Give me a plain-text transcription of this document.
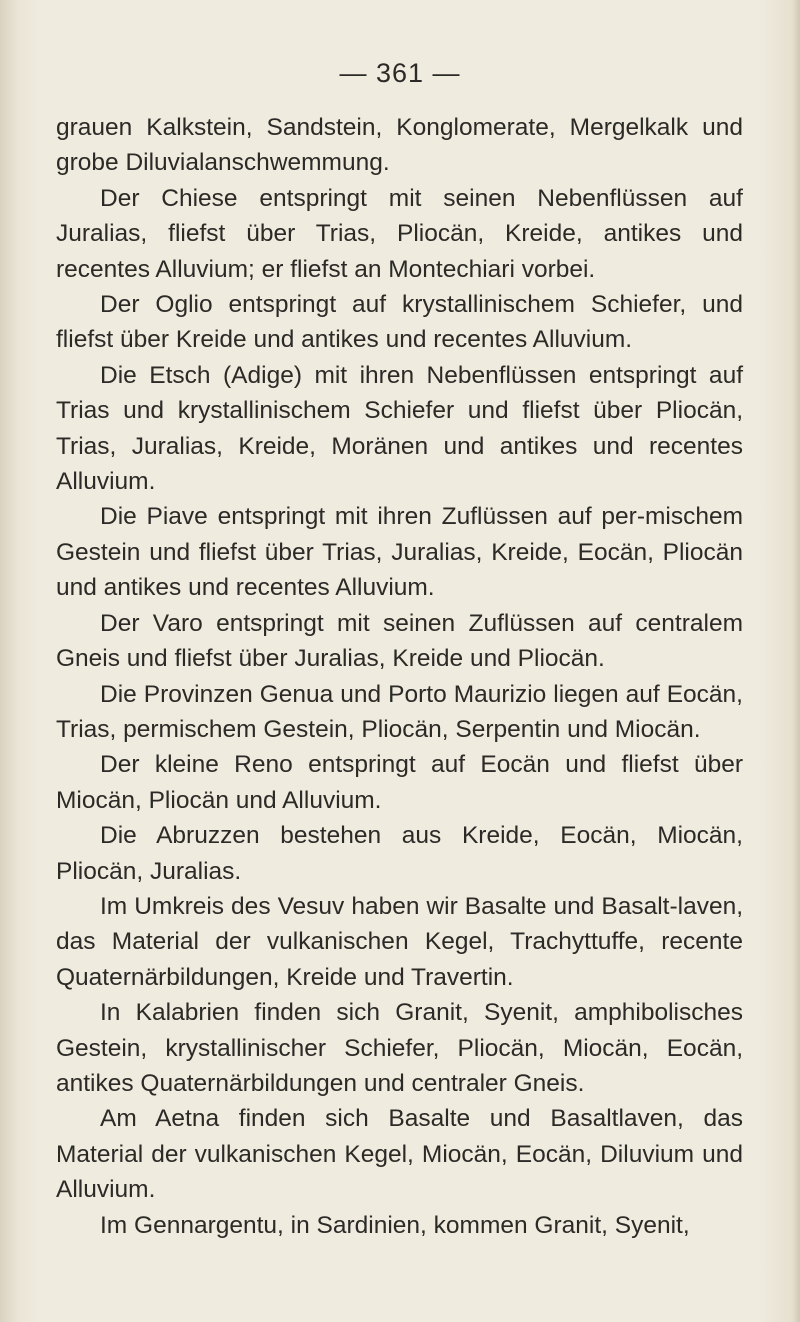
— 361 —

grauen Kalkstein, Sandstein, Konglomerate, Mergelkalk und grobe Diluvialanschwemmung.

Der Chiese entspringt mit seinen Nebenflüssen auf Juralias, fliefst über Trias, Pliocän, Kreide, antikes und recentes Alluvium; er fliefst an Montechiari vorbei.

Der Oglio entspringt auf krystallinischem Schiefer, und fliefst über Kreide und antikes und recentes Alluvium.

Die Etsch (Adige) mit ihren Nebenflüssen entspringt auf Trias und krystallinischem Schiefer und fliefst über Pliocän, Trias, Juralias, Kreide, Moränen und antikes und recentes Alluvium.

Die Piave entspringt mit ihren Zuflüssen auf per-mischem Gestein und fliefst über Trias, Juralias, Kreide, Eocän, Pliocän und antikes und recentes Alluvium.

Der Varo entspringt mit seinen Zuflüssen auf centralem Gneis und fliefst über Juralias, Kreide und Pliocän.

Die Provinzen Genua und Porto Maurizio liegen auf Eocän, Trias, permischem Gestein, Pliocän, Serpentin und Miocän.

Der kleine Reno entspringt auf Eocän und fliefst über Miocän, Pliocän und Alluvium.

Die Abruzzen bestehen aus Kreide, Eocän, Miocän, Pliocän, Juralias.

Im Umkreis des Vesuv haben wir Basalte und Basalt-laven, das Material der vulkanischen Kegel, Trachyttuffe, recente Quaternärbildungen, Kreide und Travertin.

In Kalabrien finden sich Granit, Syenit, amphibolisches Gestein, krystallinischer Schiefer, Pliocän, Miocän, Eocän, antikes Quaternärbildungen und centraler Gneis.

Am Aetna finden sich Basalte und Basaltlaven, das Material der vulkanischen Kegel, Miocän, Eocän, Diluvium und Alluvium.

Im Gennargentu, in Sardinien, kommen Granit, Syenit,
